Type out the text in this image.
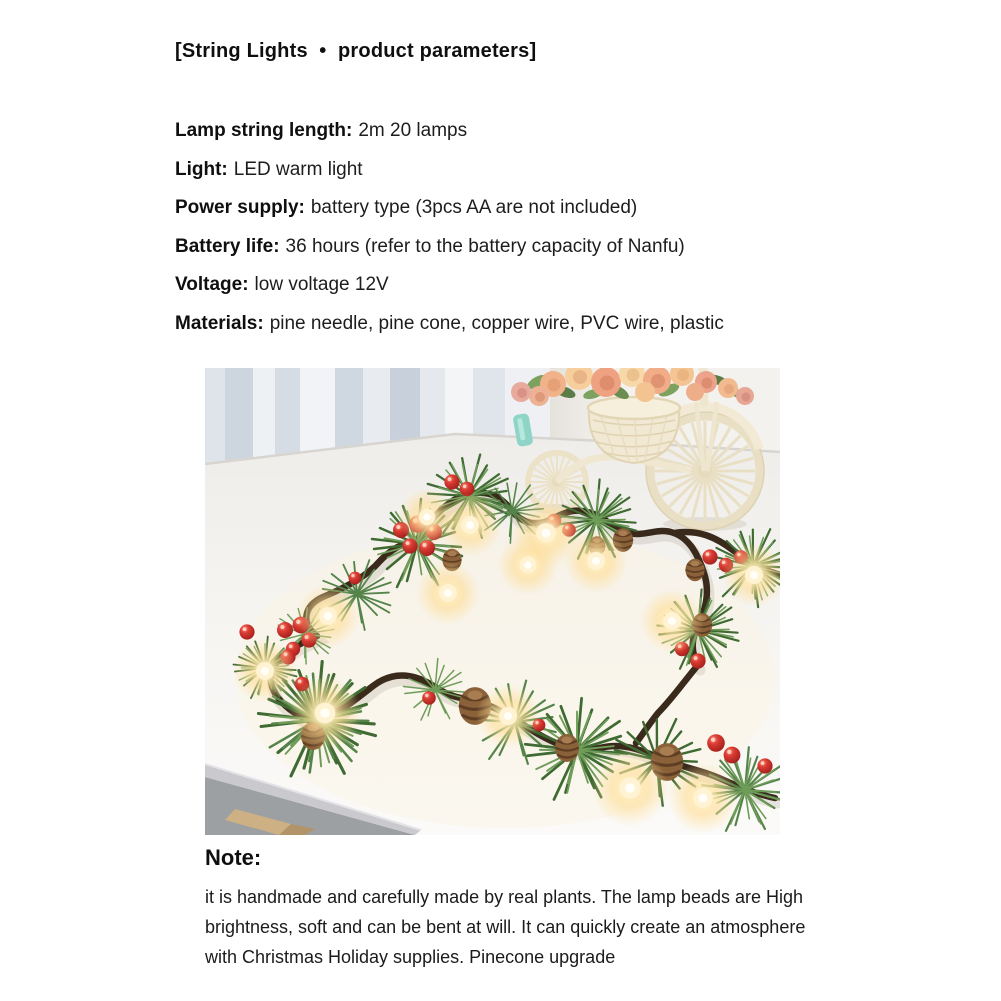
[String Lights  •  product parameters]
Lamp string length: 2m 20 lamps
Light: LED warm light
Power supply: battery type (3pcs AA are not included)
Battery life: 36 hours (refer to the battery capacity of Nanfu)
Voltage: low voltage 12V
Materials: pine needle, pine cone, copper wire, PVC wire, plastic
Note:
it is handmade and carefully made by real plants. The lamp beads are High brightness, soft and can be bent at will. It can quickly create an atmosphere with Christmas Holiday supplies. Pinecone upgrade
